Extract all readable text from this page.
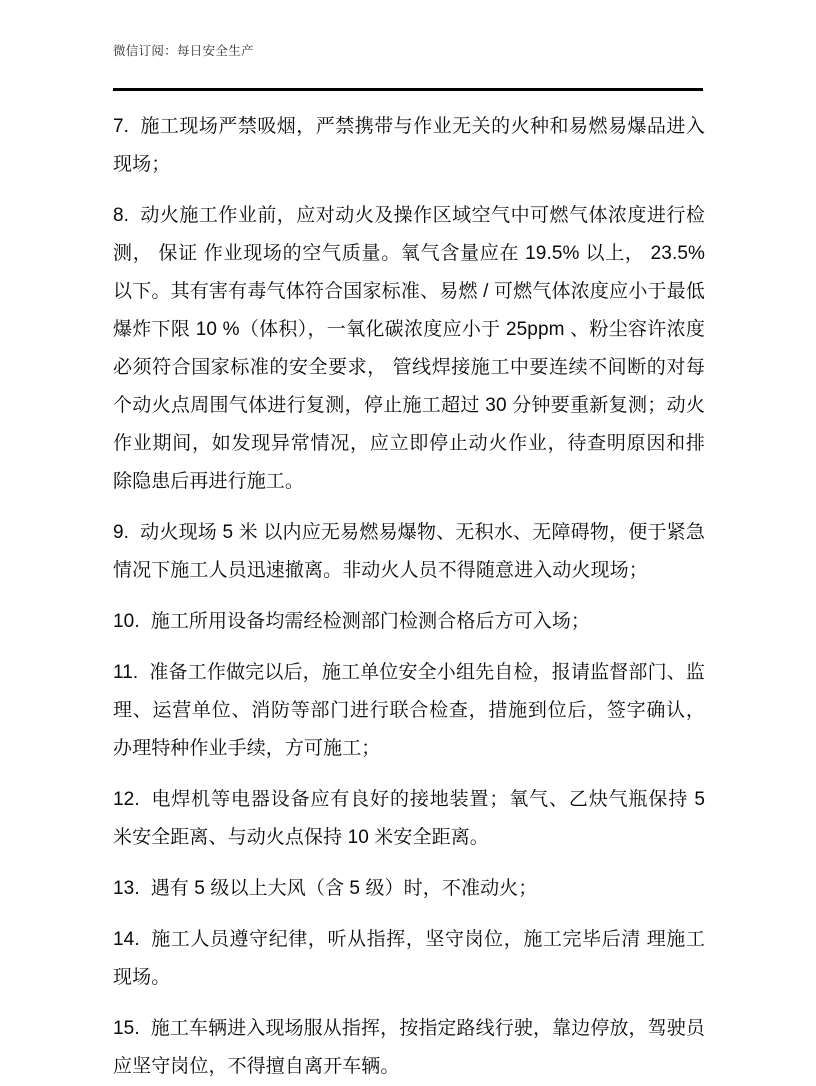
微信订阅：每日安全生产

7. 施工现场严禁吸烟，严禁携带与作业无关的火种和易燃易爆品进入现场；

8. 动火施工作业前，应对动火及操作区域空气中可燃气体浓度进行检测， 保证 作业现场的空气质量。氧气含量应在 19.5% 以上， 23.5% 以下。其有害有毒气体符合国家标准、易燃 / 可燃气体浓度应小于最低爆炸下限 10 %（体积），一氧化碳浓度应小于 25ppm 、粉尘容许浓度必须符合国家标准的安全要求， 管线焊接施工中要连续不间断的对每个动火点周围气体进行复测，停止施工超过 30 分钟要重新复测；动火作业期间，如发现异常情况，应立即停止动火作业，待查明原因和排除隐患后再进行施工。

9. 动火现场 5 米 以内应无易燃易爆物、无积水、无障碍物，便于紧急情况下施工人员迅速撤离。非动火人员不得随意进入动火现场；

10. 施工所用设备均需经检测部门检测合格后方可入场；

11. 准备工作做完以后，施工单位安全小组先自检，报请监督部门、监理、运营单位、消防等部门进行联合检查，措施到位后，签字确认，办理特种作业手续，方可施工；

12. 电焊机等电器设备应有良好的接地装置；氧气、乙炔气瓶保持 5 米安全距离、与动火点保持 10 米安全距离。

13. 遇有 5 级以上大风（含 5 级）时，不准动火；

14. 施工人员遵守纪律，听从指挥，坚守岗位，施工完毕后清 理施工现场。

15. 施工车辆进入现场服从指挥，按指定路线行驶，靠边停放，驾驶员应坚守岗位，不得擅自离开车辆。
